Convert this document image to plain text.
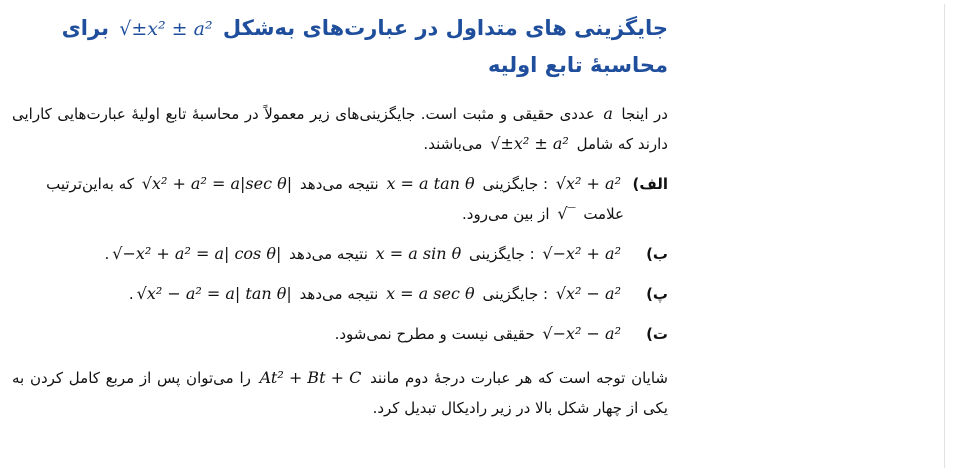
جایگزینی های متداول در عبارت‌های به‌شکل √±x² ± a² برای محاسبهٔ تابع اولیه

در اینجا a عددی حقیقی و مثبت است. جایگزینی‌های زیر معمولاً در محاسبهٔ تابع اولیهٔ عبارت‌هایی کارایی دارند که شامل √±x² ± a² می‌باشند.

الف)
√x² + a² : جایگزینی x = a tan θ نتیجه می‌دهد √x² + a² = a|sec θ| که به‌این‌ترتیب علامت √‾ از بین می‌رود.
ب)
√−x² + a² : جایگزینی x = a sin θ نتیجه می‌دهد √−x² + a² = a| cos θ|.
پ)
√x² − a² : جایگزینی x = a sec θ نتیجه می‌دهد √x² − a² = a| tan θ|.
ت)
√−x² − a² حقیقی نیست و مطرح نمی‌شود.

شایان توجه است که هر عبارت درجهٔ دوم مانند At² + Bt + C را می‌توان پس از مربع کامل کردن به یکی از چهار شکل بالا در زیر رادیکال تبدیل کرد.
